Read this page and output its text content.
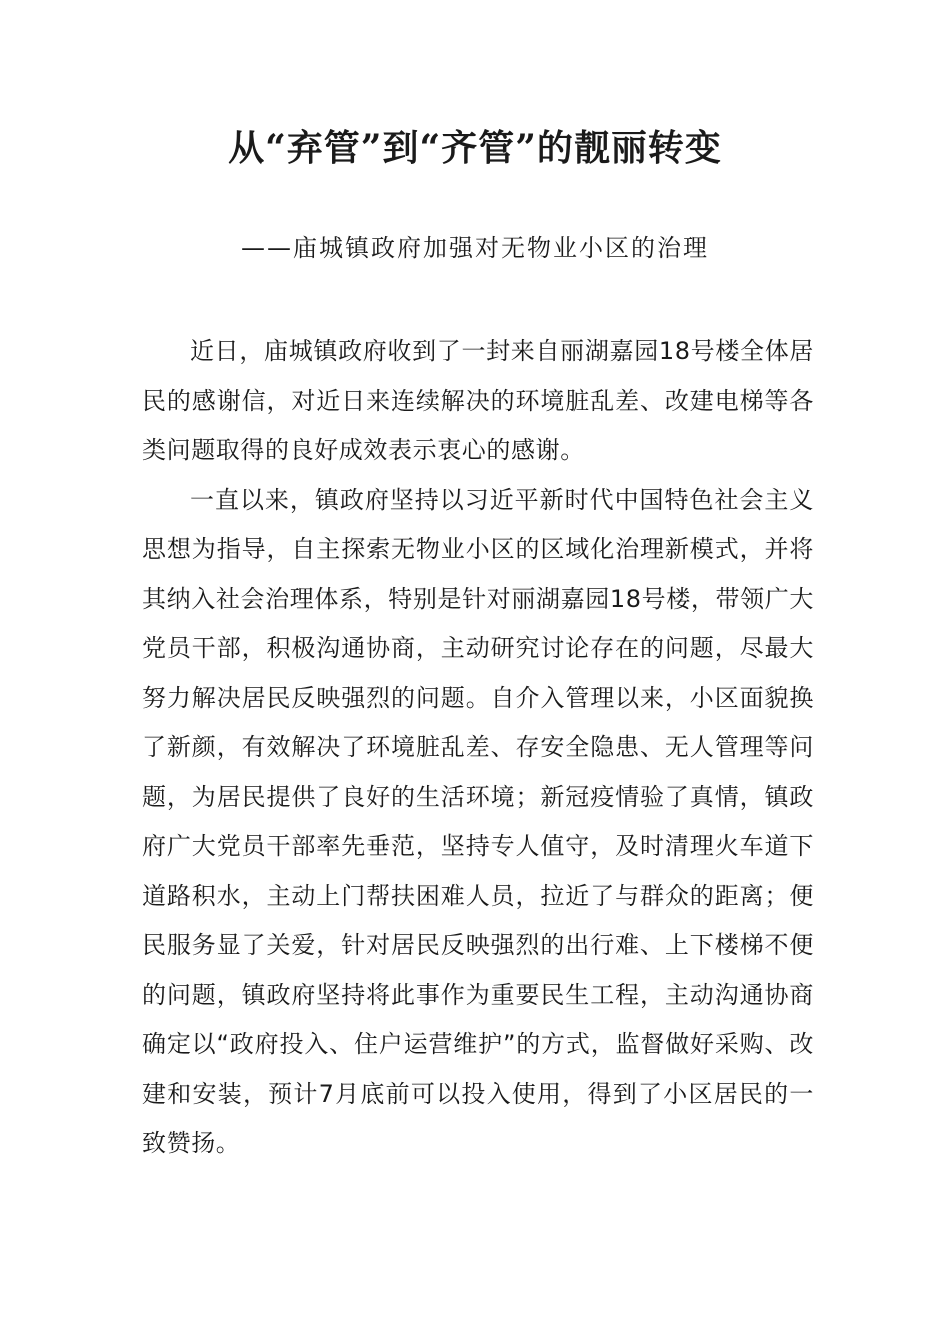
从“弃管”到“齐管”的靓丽转变
——庙城镇政府加强对无物业小区的治理

近日，庙城镇政府收到了一封来自丽湖嘉园18号楼全体居民的感谢信，对近日来连续解决的环境脏乱差、改建电梯等各类问题取得的良好成效表示衷心的感谢。

一直以来，镇政府坚持以习近平新时代中国特色社会主义思想为指导，自主探索无物业小区的区域化治理新模式，并将其纳入社会治理体系，特别是针对丽湖嘉园18号楼，带领广大党员干部，积极沟通协商，主动研究讨论存在的问题，尽最大努力解决居民反映强烈的问题。自介入管理以来，小区面貌换了新颜，有效解决了环境脏乱差、存安全隐患、无人管理等问题，为居民提供了良好的生活环境；新冠疫情验了真情，镇政府广大党员干部率先垂范，坚持专人值守，及时清理火车道下道路积水，主动上门帮扶困难人员，拉近了与群众的距离；便民服务显了关爱，针对居民反映强烈的出行难、上下楼梯不便的问题，镇政府坚持将此事作为重要民生工程，主动沟通协商确定以“政府投入、住户运营维护”的方式，监督做好采购、改建和安装，预计7月底前可以投入使用，得到了小区居民的一致赞扬。
